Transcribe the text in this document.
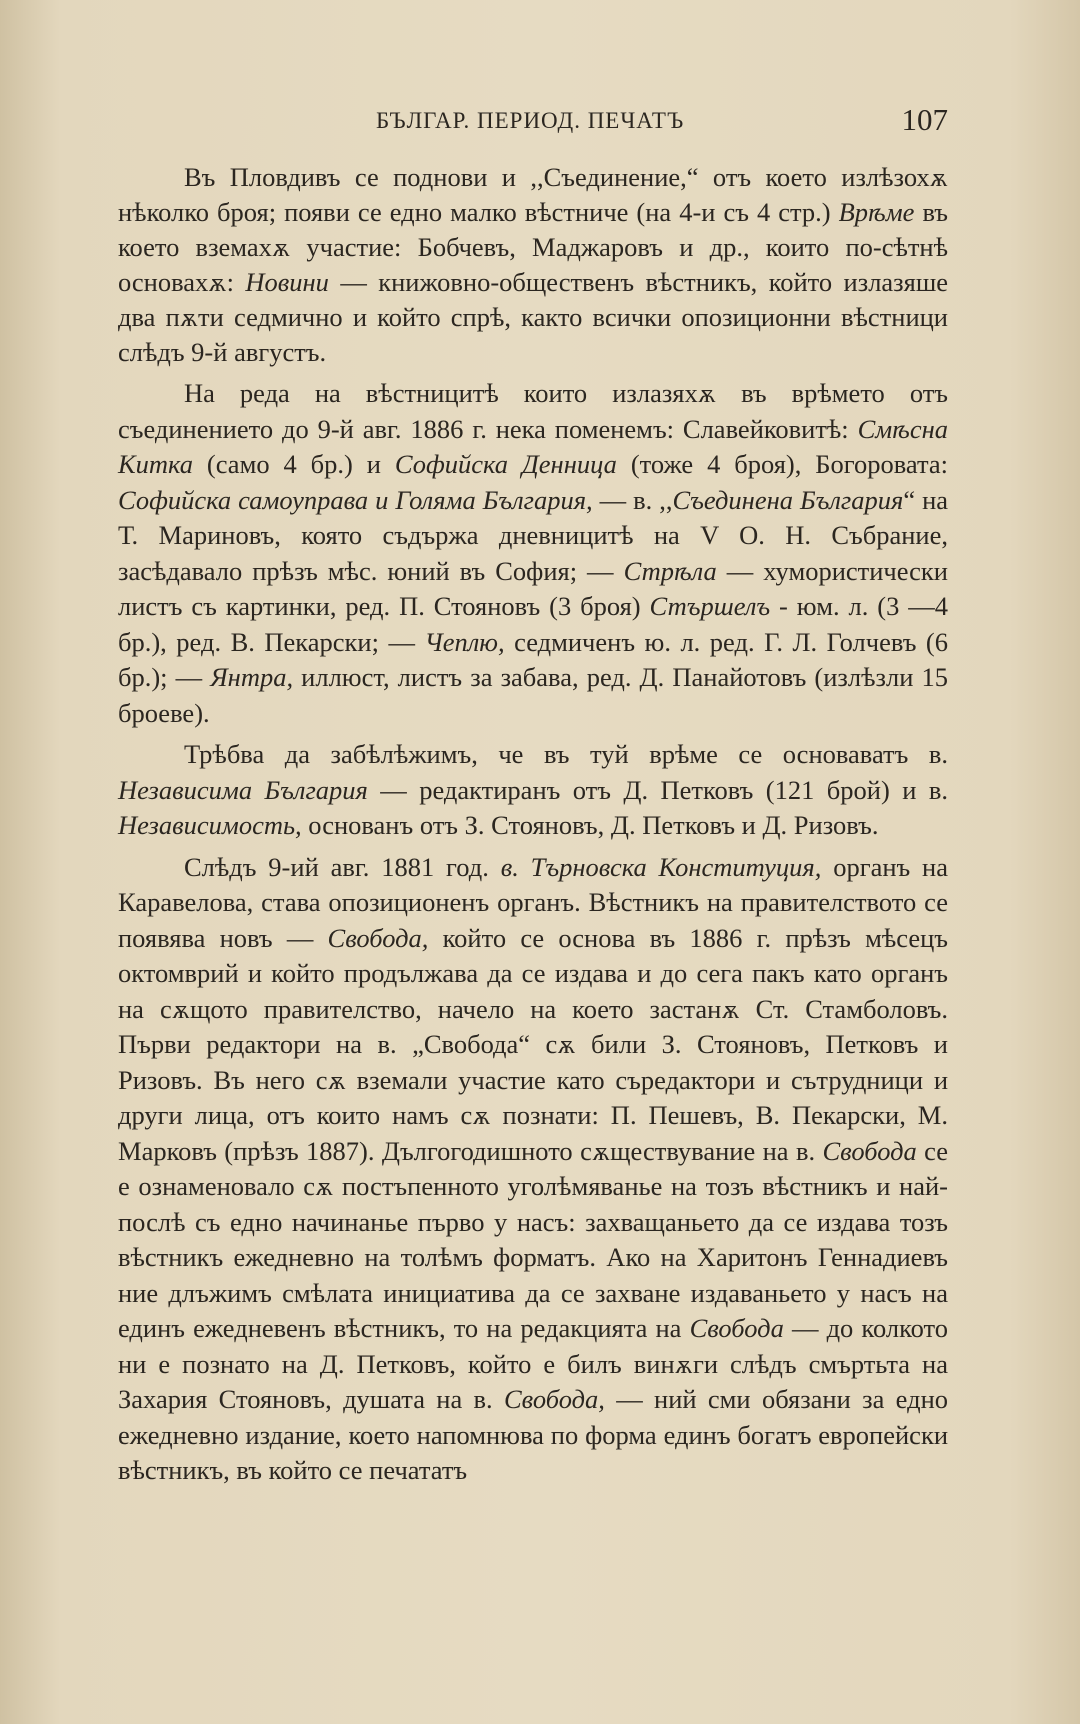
БЪЛГАР. ПЕРИОД. ПЕЧАТЪ	107

Въ Пловдивъ се поднови и ,,Съединение,“ отъ което излѣзохѫ нѣколко броя; появи се едно малко вѣстниче (на 4-и съ 4 стр.) Врѣме въ което вземахѫ участие: Бобчевъ, Маджаровъ и др., които по-сѣтнѣ основахѫ: Новини — книжовно-общественъ вѣстникъ, който излазяше два пѫти седмично и който спрѣ, както всички опозиционни вѣстници слѣдъ 9-й августъ.

На реда на вѣстницитѣ които излазяхѫ въ врѣмето отъ съединението до 9-й авг. 1886 г. нека поменемъ: Славейковитѣ: Смѣсна Китка (само 4 бр.) и Софийска Денница (тоже 4 броя), Богоровата: Софийска самоуправа и Голяма България, — в. ,,Съединена България“ на Т. Мариновъ, която съдържа дневницитѣ на V О. Н. Събрание, засѣдавало прѣзъ мѣс. юний въ София; — Стрѣла — хумористически листъ съ картинки, ред. П. Стояновъ (3 броя) Стършелъ - юм. л. (3 —4 бр.), ред. В. Пекарски; — Чеплю, седмиченъ ю. л. ред. Г. Л. Голчевъ (6 бр.); — Янтра, иллюст, листъ за забава, ред. Д. Панайотовъ (излѣзли 15 броеве).

Трѣбва да забѣлѣжимъ, че въ туй врѣме се основаватъ в. Независима България — редактиранъ отъ Д. Петковъ (121 брой) и в. Независимость, основанъ отъ З. Стояновъ, Д. Петковъ и Д. Ризовъ.

Слѣдъ 9-ий авг. 1881 год. в. Търновска Конституция, органъ на Каравелова, става опозиционенъ органъ. Вѣстникъ на правителството се появява новъ — Свобода, който се основа въ 1886 г. прѣзъ мѣсецъ октомврий и който продължава да се издава и до сега пакъ като органъ на сѫщото правителство, начело на което застанѫ Ст. Стамболовъ. Първи редактори на в. „Свобода“ сѫ били З. Стояновъ, Петковъ и Ризовъ. Въ него сѫ вземали участие като съредактори и сътрудници и други лица, отъ които намъ сѫ познати: П. Пешевъ, В. Пекарски, М. Марковъ (прѣзъ 1887). Дългогодишното сѫществувание на в. Свобода се е ознаменовало сѫ постъпенното уголѣмяванье на тозъ вѣстникъ и най-послѣ съ едно начинанье първо у насъ: захващаньето да се издава тозъ вѣстникъ ежедневно на толѣмъ форматъ. Ако на Харитонъ Геннадиевъ ние длъжимъ смѣлата инициатива да се захване издаваньето у насъ на единъ ежедневенъ вѣстникъ, то на редакцията на Свобода — до колкото ни е познато на Д. Петковъ, който е билъ винѫги слѣдъ смъртьта на Захария Стояновъ, душата на в. Свобода, — ний сми обязани за едно ежедневно издание, което напомнюва по форма единъ богатъ европейски вѣстникъ, въ който се печататъ
